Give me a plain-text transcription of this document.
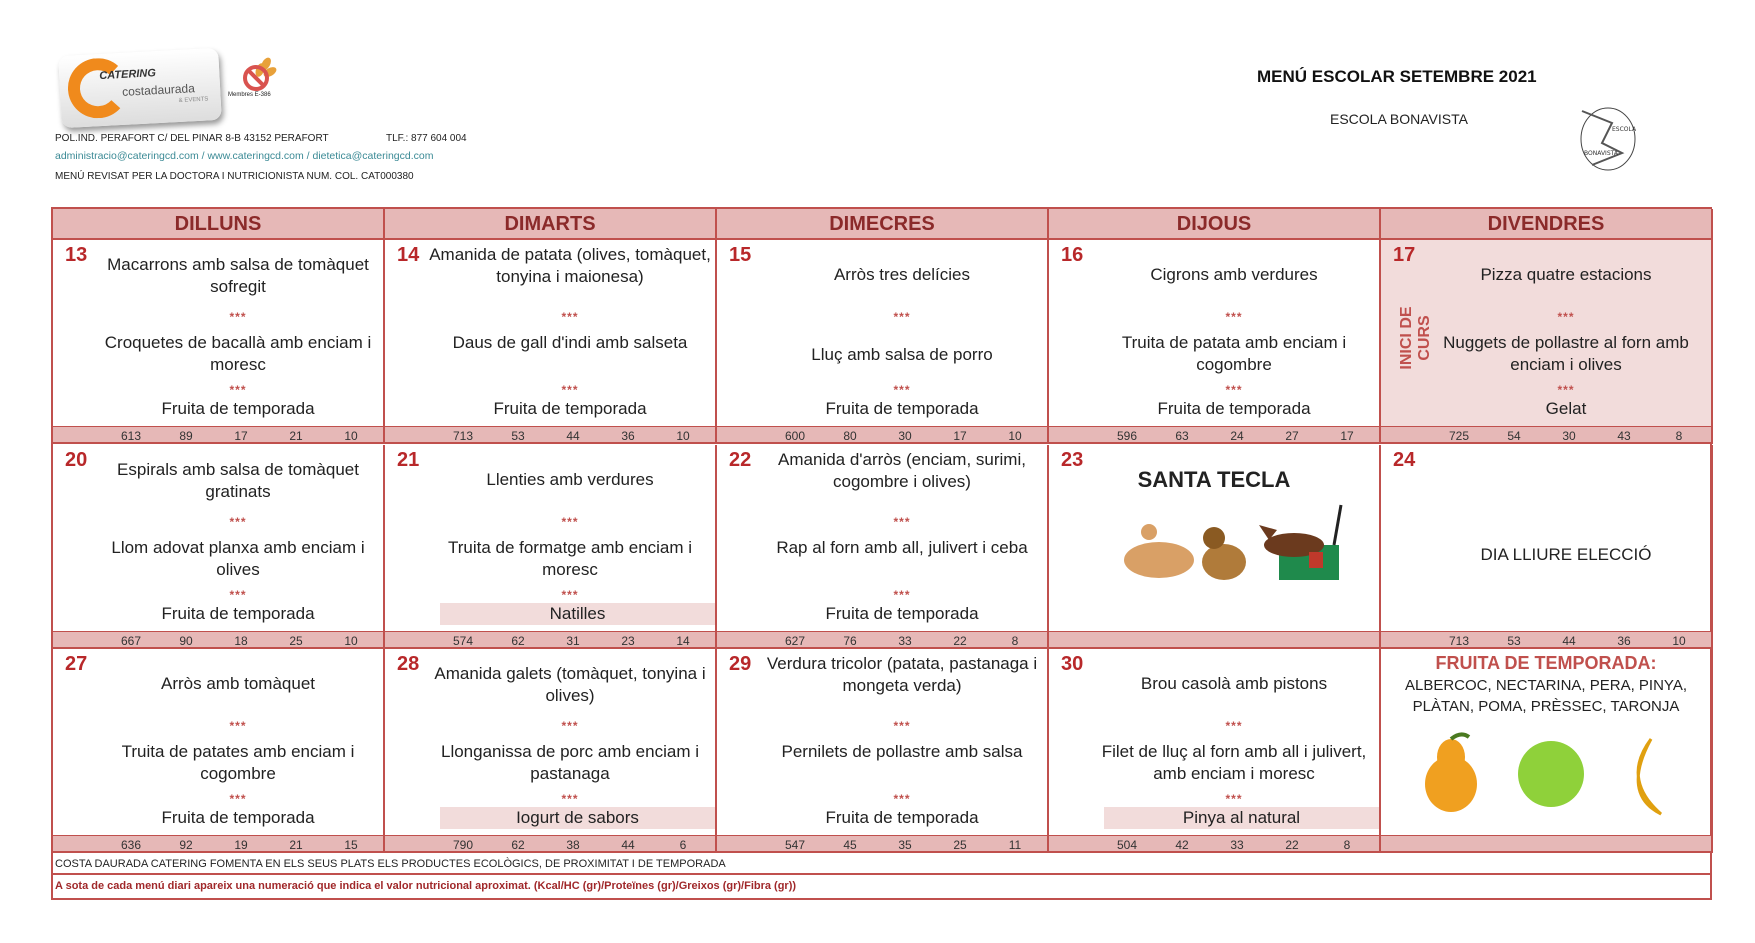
CATERING
costadaurada
& EVENTS
Membres E-386
POL.IND. PERAFORT C/ DEL PINAR 8-B 43152 PERAFORT	TLF.: 877 604 004
administracio@cateringcd.com / www.cateringcd.com / dietetica@cateringcd.com
MENÚ REVISAT PER LA DOCTORA I NUTRICIONISTA NUM. COL. CAT000380
MENÚ ESCOLAR SETEMBRE 2021
ESCOLA BONAVISTA
ESCOLA
BONAVISTA
DILLUNS	DIMARTS	DIMECRES	DIJOUS	DIVENDRES
13	Macarrons amb salsa de tomàquet sofregit
***
Croquetes de bacallà amb enciam i moresc
***
Fruita de temporada
613	89	17	21	10
14 Amanida de patata (olives, tomàquet, tonyina i maionesa)
***
Daus de gall d'indi amb salseta
***
Fruita de temporada
713	53	44	36	10
15
Arròs tres delícies
***
Lluç amb salsa de porro
***
Fruita de temporada
600	80	30	17	10
16
Cigrons amb verdures
***
Truita de patata amb enciam i cogombre
***
Fruita de temporada
596	63	24	27	17
17
Pizza quatre estacions
***
Nuggets de pollastre al forn amb enciam i olives
***
Gelat
INICI DE CURS
725	54	30	43	8
20	Espirals amb salsa de tomàquet gratinats
***
Llom adovat planxa amb enciam i olives
***
Fruita de temporada
667	90	18	25	10
21
Llenties amb verdures
***
Truita de formatge amb enciam i moresc
***
Natilles
574	62	31	23	14
22	Amanida d'arròs (enciam, surimi, cogombre i olives)
***
Rap al forn amb all, julivert i ceba
***
Fruita de temporada
627	76	33	22	8
23
SANTA TECLA
24
DIA LLIURE ELECCIÓ
713	53	44	36	10
27
Arròs amb tomàquet
***
Truita de patates amb enciam i cogombre
***
Fruita de temporada
636	92	19	21	15
28 Amanida galets (tomàquet, tonyina i olives)
***
Llonganissa de porc amb enciam i pastanaga
***
Iogurt de sabors
790	62	38	44	6
29 Verdura tricolor (patata, pastanaga i mongeta verda)
***
Pernilets de pollastre amb salsa
***
Fruita de temporada
547	45	35	25	11
30
Brou casolà amb pistons
***
Filet de lluç al forn amb all i julivert, amb enciam i moresc
***
Pinya al natural
504	42	33	22	8
FRUITA DE TEMPORADA:
ALBERCOC, NECTARINA, PERA, PINYA, PLÀTAN, POMA, PRÈSSEC, TARONJA
COSTA DAURADA CATERING FOMENTA EN ELS SEUS PLATS ELS PRODUCTES ECOLÒGICS, DE PROXIMITAT I DE TEMPORADA
A sota de cada menú diari apareix una numeració que indica el valor nutricional aproximat. (Kcal/HC (gr)/Proteïnes (gr)/Greixos (gr)/Fibra (gr))
